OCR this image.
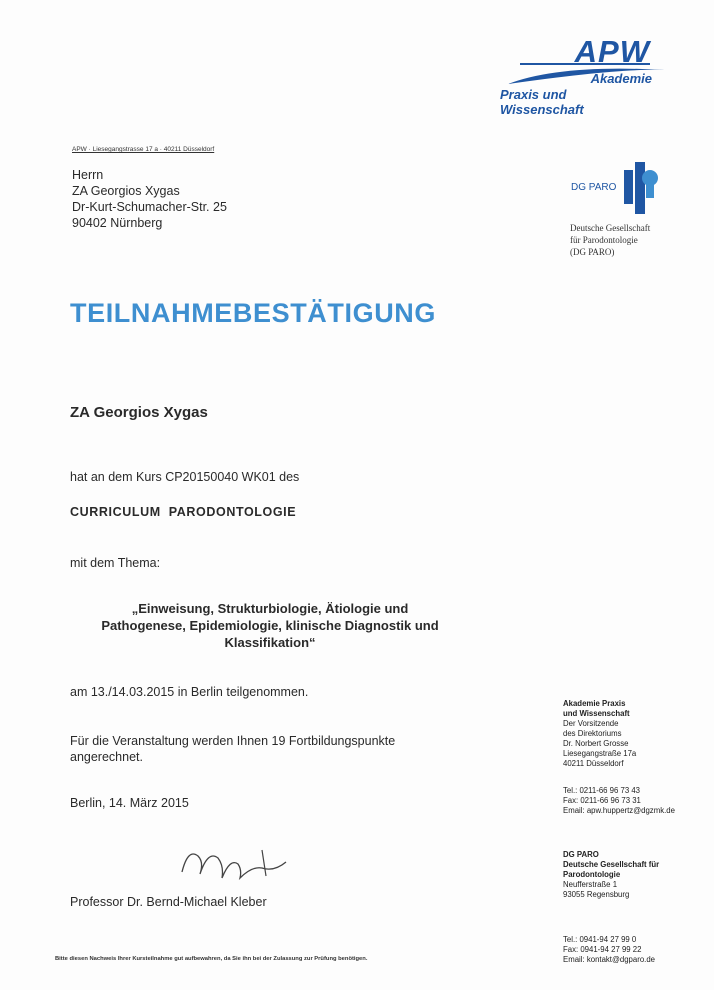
APW
Akademie
Praxis und Wissenschaft
APW · Liesegangstrasse 17 a · 40211 Düsseldorf
Herrn
ZA Georgios Xygas
Dr-Kurt-Schumacher-Str. 25
90402 Nürnberg
DG PARO
Deutsche Gesellschaft
für Parodontologie
(DG PARO)
TEILNAHMEBESTÄTIGUNG
ZA Georgios Xygas
hat an dem Kurs CP20150040 WK01 des
CURRICULUM PARODONTOLOGIE
mit dem Thema:
„Einweisung, Strukturbiologie, Ätiologie und
Pathogenese, Epidemiologie, klinische Diagnostik und
Klassifikation“
am 13./14.03.2015 in Berlin teilgenommen.
Für die Veranstaltung werden Ihnen 19 Fortbildungspunkte
angerechnet.
Berlin, 14. März 2015
Professor Dr. Bernd-Michael Kleber
Bitte diesen Nachweis Ihrer Kursteilnahme gut aufbewahren, da Sie ihn bei der Zulassung zur Prüfung benötigen.
Akademie Praxis
und Wissenschaft
Der Vorsitzende
des Direktoriums
Dr. Norbert Grosse
Liesegangstraße 17a
40211 Düsseldorf
Tel.: 0211-66 96 73 43
Fax: 0211-66 96 73 31
Email: apw.huppertz@dgzmk.de
DG PARO
Deutsche Gesellschaft für
Parodontologie
Neufferstraße 1
93055 Regensburg
Tel.: 0941-94 27 99 0
Fax: 0941-94 27 99 22
Email: kontakt@dgparo.de
